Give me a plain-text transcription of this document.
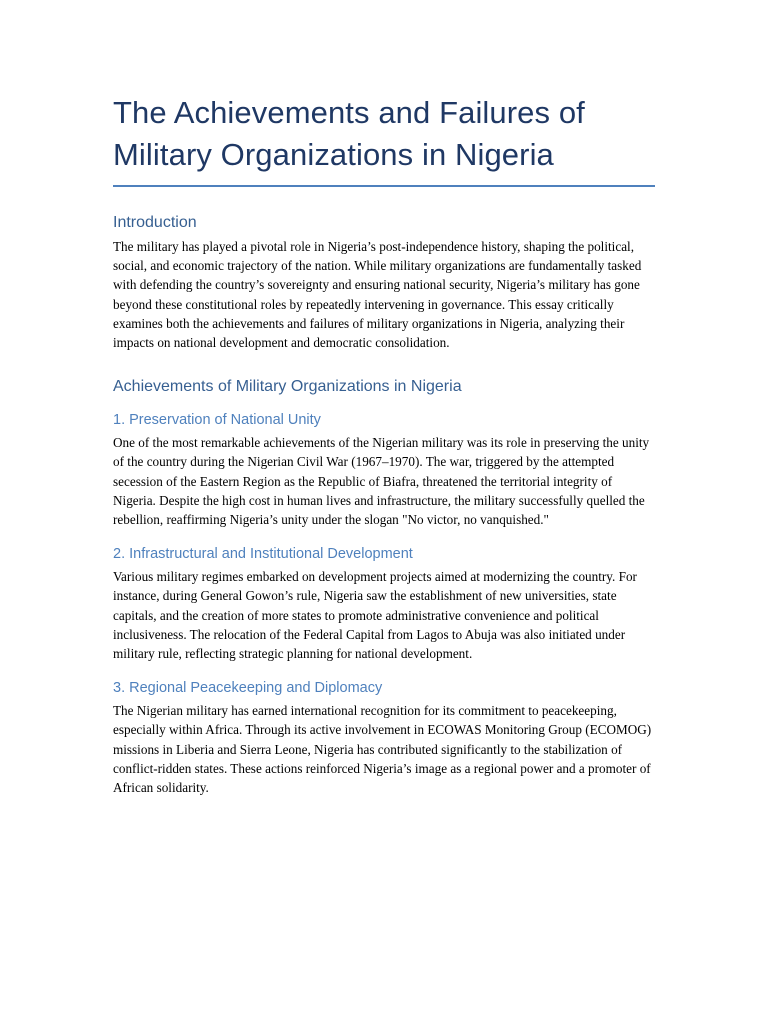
The Achievements and Failures of Military Organizations in Nigeria
Introduction

The military has played a pivotal role in Nigeria’s post-independence history, shaping the political, social, and economic trajectory of the nation. While military organizations are fundamentally tasked with defending the country’s sovereignty and ensuring national security, Nigeria’s military has gone beyond these constitutional roles by repeatedly intervening in governance. This essay critically examines both the achievements and failures of military organizations in Nigeria, analyzing their impacts on national development and democratic consolidation.

Achievements of Military Organizations in Nigeria
1. Preservation of National Unity

One of the most remarkable achievements of the Nigerian military was its role in preserving the unity of the country during the Nigerian Civil War (1967–1970). The war, triggered by the attempted secession of the Eastern Region as the Republic of Biafra, threatened the territorial integrity of Nigeria. Despite the high cost in human lives and infrastructure, the military successfully quelled the rebellion, reaffirming Nigeria’s unity under the slogan "No victor, no vanquished."

2. Infrastructural and Institutional Development

Various military regimes embarked on development projects aimed at modernizing the country. For instance, during General Gowon’s rule, Nigeria saw the establishment of new universities, state capitals, and the creation of more states to promote administrative convenience and political inclusiveness. The relocation of the Federal Capital from Lagos to Abuja was also initiated under military rule, reflecting strategic planning for national development.

3. Regional Peacekeeping and Diplomacy

The Nigerian military has earned international recognition for its commitment to peacekeeping, especially within Africa. Through its active involvement in ECOWAS Monitoring Group (ECOMOG) missions in Liberia and Sierra Leone, Nigeria has contributed significantly to the stabilization of conflict-ridden states. These actions reinforced Nigeria’s image as a regional power and a promoter of African solidarity.
